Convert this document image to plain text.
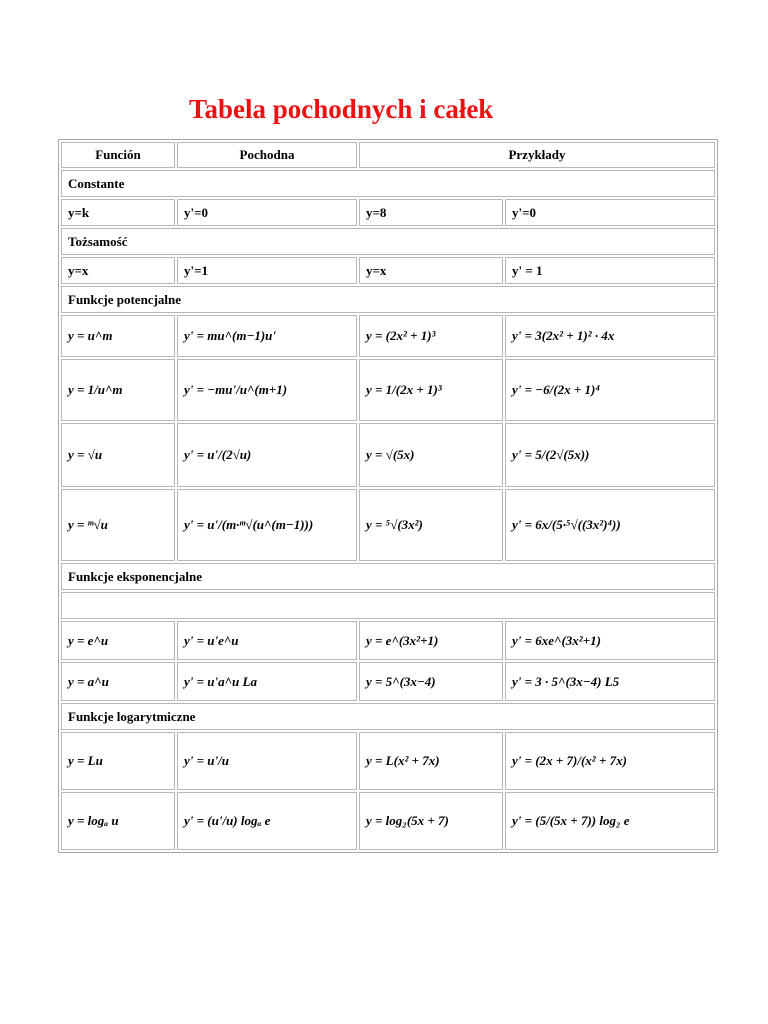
Tabela pochodnych i całek
Función	Pochodna	Przykłady	
Constante			
y=k	y'=0	y=8	y'=0
Tożsamość			
y=x	y'=1	y=x	y' = 1
Funkcje potencjalne			
y = u^m	y' = mu^(m−1)u'	y = (2x² + 1)³	y' = 3(2x² + 1)² · 4x
y = 1/u^m	y' = −mu'/u^(m+1)	y = 1/(2x + 1)³	y' = −6/(2x + 1)⁴
y = √u	y' = u'/(2√u)	y = √(5x)	y' = 5/(2√(5x))
y = ᵐ√u	y' = u'/(m·ᵐ√(u^(m−1)))	y = ⁵√(3x²)	y' = 6x/(5·⁵√((3x²)⁴))
Funkcje eksponencjalne			

y = e^u	y' = u'e^u	y = e^(3x²+1)	y' = 6xe^(3x²+1)
y = a^u	y' = u'a^u La	y = 5^(3x−4)	y' = 3 · 5^(3x−4) L5
Funkcje logarytmiczne			
y = Lu	y' = u'/u	y = L(x² + 7x)	y' = (2x + 7)/(x² + 7x)
y = logₐ u	y' = (u'/u) logₐ e	y = log₂(5x + 7)	y' = (5/(5x + 7)) log₂ e
